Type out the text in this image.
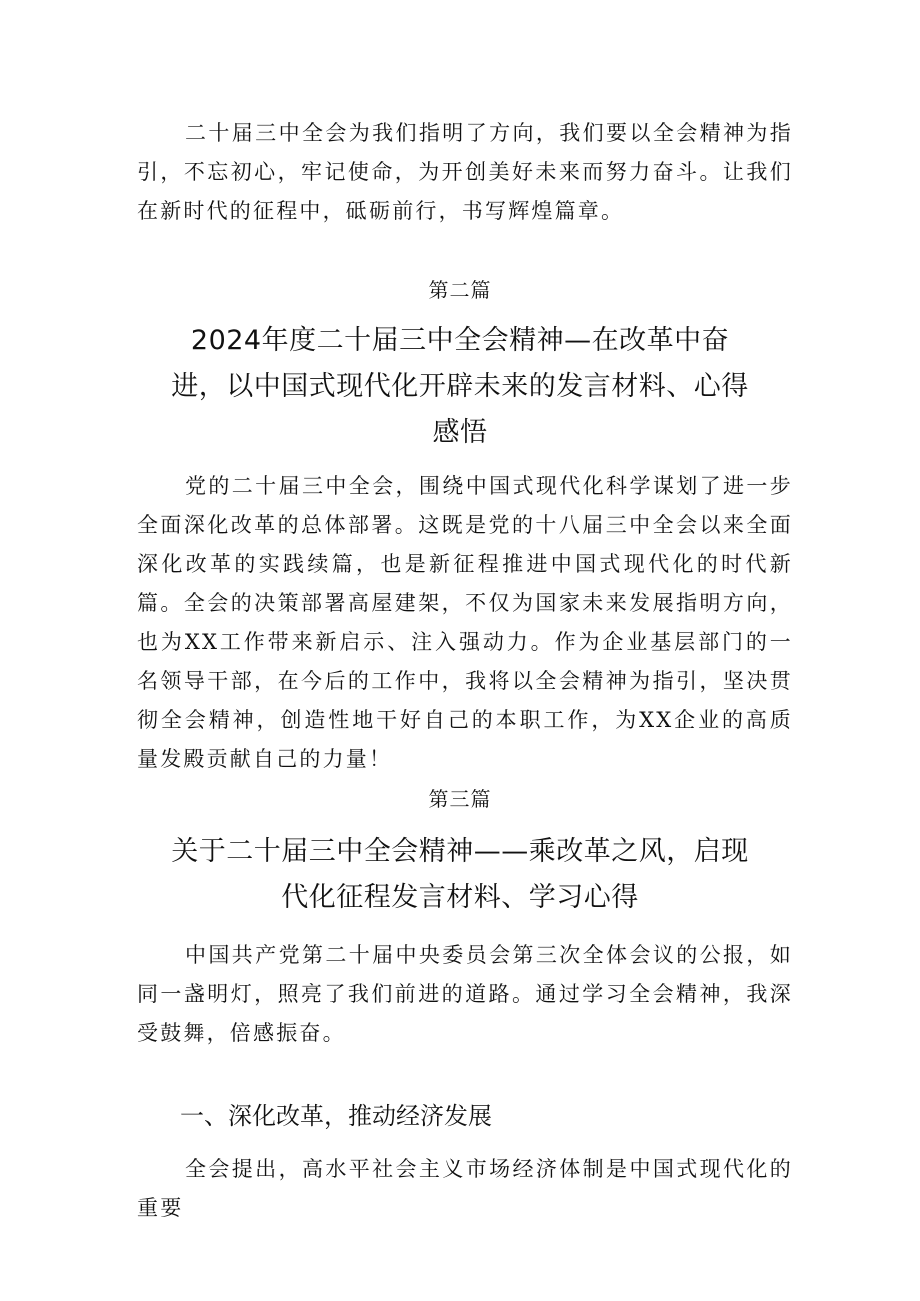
二十届三中全会为我们指明了方向，我们要以全会精神为指引，不忘初心，牢记使命，为开创美好未来而努力奋斗。让我们在新时代的征程中，砥砺前行，书写辉煌篇章。

第二篇

2024年度二十届三中全会精神—在改革中奋进，以中国式现代化开辟未来的发言材料、心得感悟

党的二十届三中全会，围绕中国式现代化科学谋划了进一步全面深化改革的总体部署。这既是党的十八届三中全会以来全面深化改革的实践续篇，也是新征程推进中国式现代化的时代新篇。全会的决策部署高屋建架，不仅为国家未来发展指明方向，也为XX工作带来新启示、注入强动力。作为企业基层部门的一名领导干部，在今后的工作中，我将以全会精神为指引，坚决贯彻全会精神，创造性地干好自己的本职工作，为XX企业的高质量发殿贡献自己的力量！

第三篇

关于二十届三中全会精神——乘改革之风，启现代化征程发言材料、学习心得

中国共产党第二十届中央委员会第三次全体会议的公报，如同一盏明灯，照亮了我们前进的道路。通过学习全会精神，我深受鼓舞，倍感振奋。

一、深化改革，推动经济发展

全会提出，高水平社会主义市场经济体制是中国式现代化的重要
